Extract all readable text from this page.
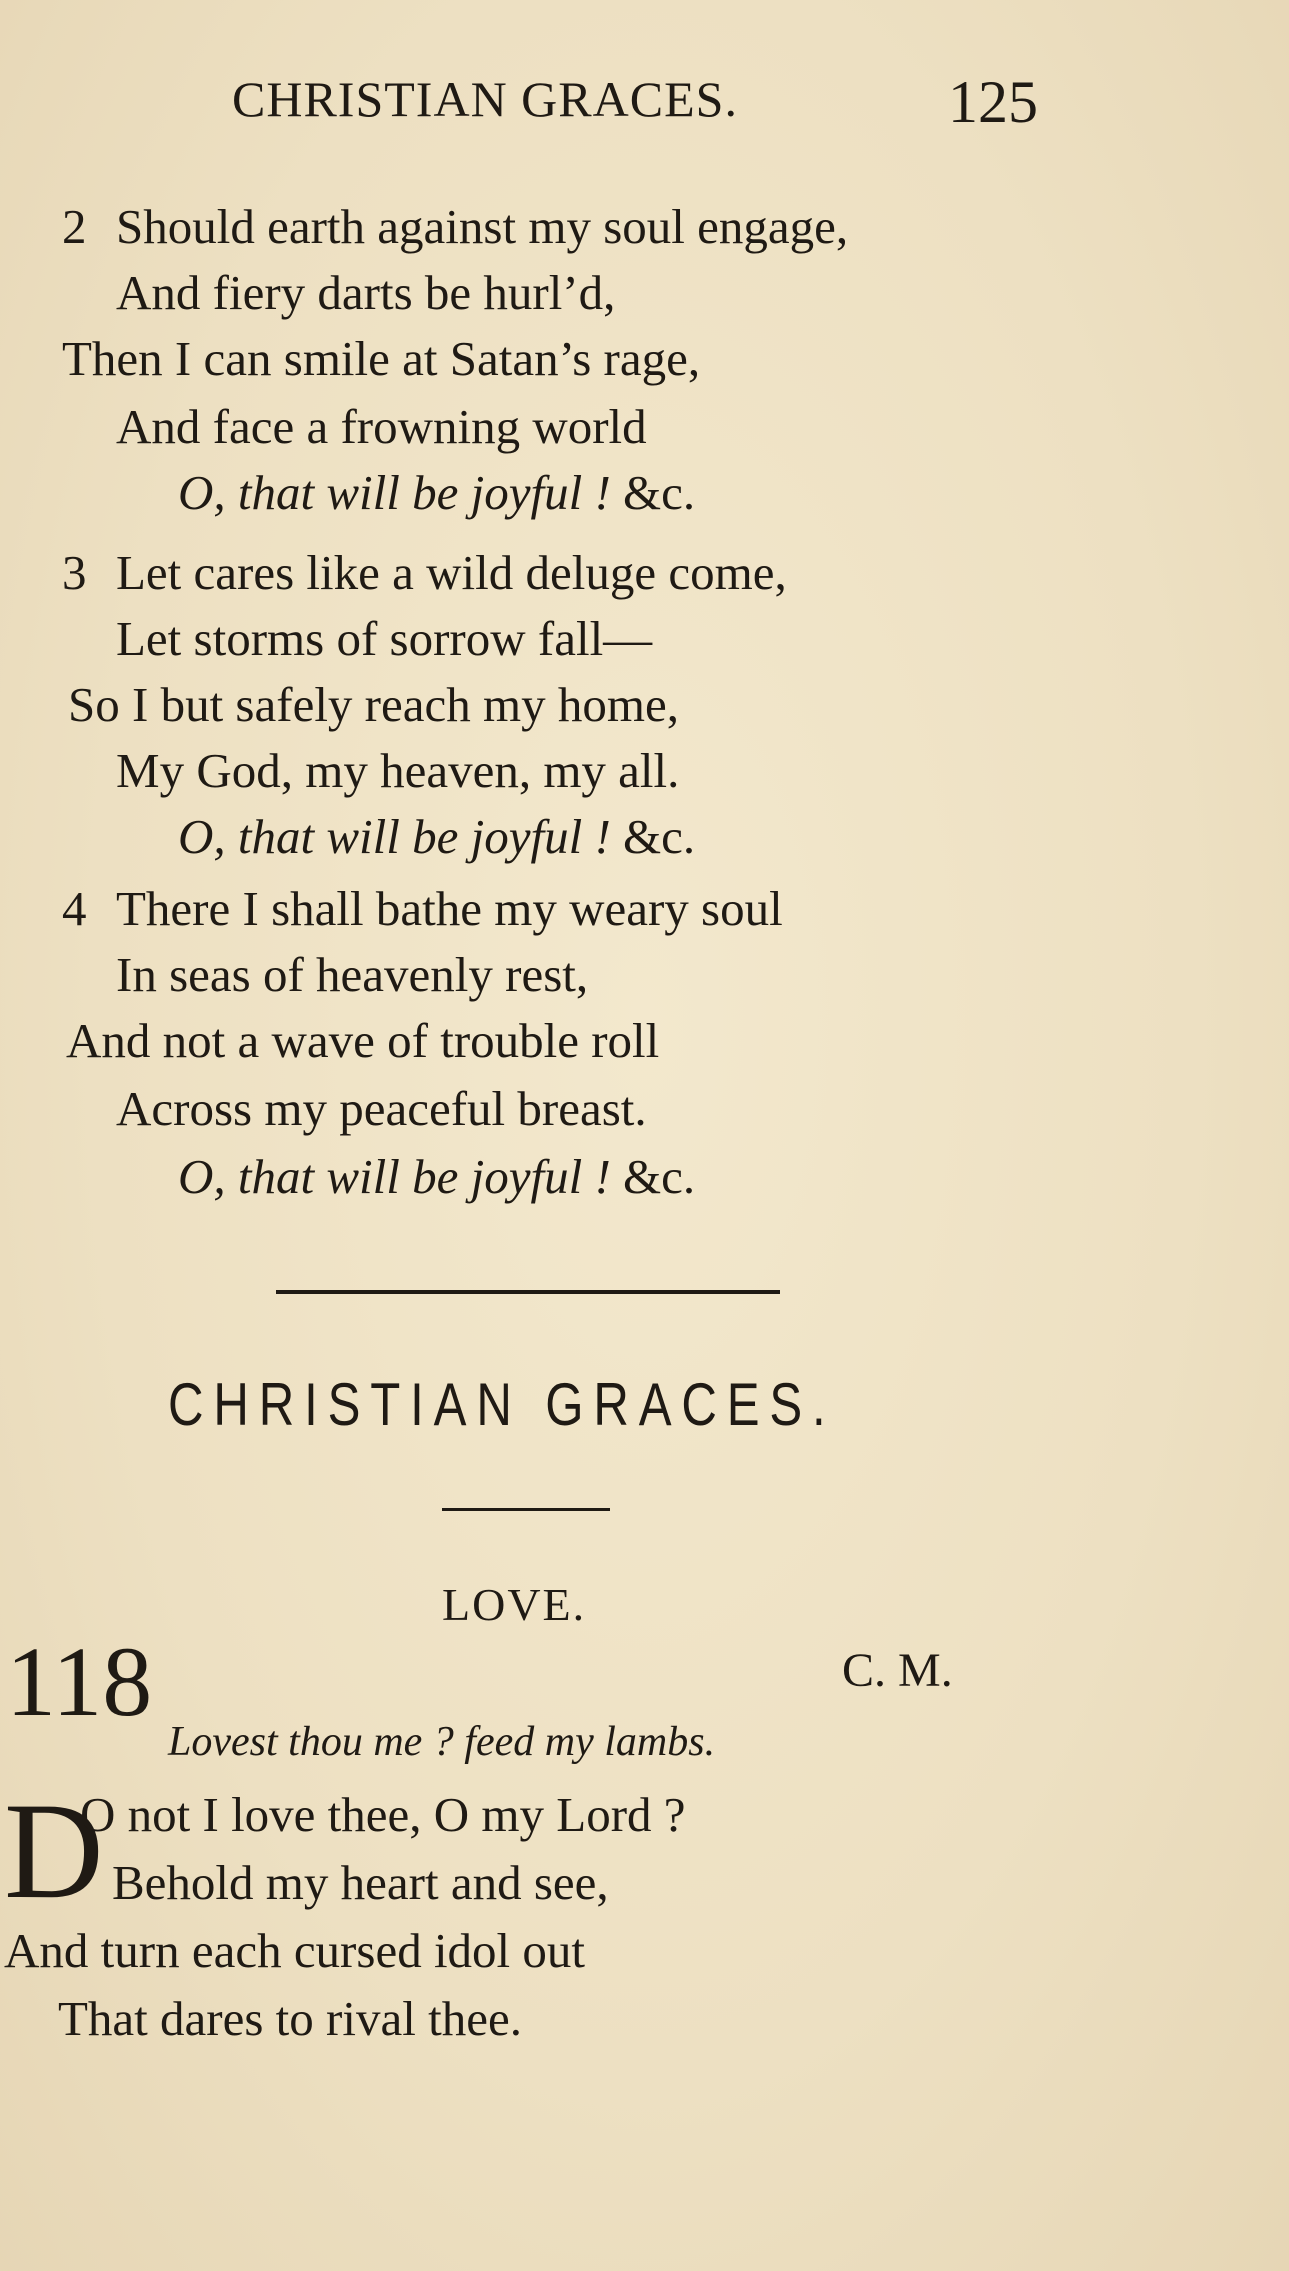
CHRISTIAN GRACES.	125
2 Should earth against my soul engage,
And fiery darts be hurl’d,
Then I can smile at Satan’s rage,
And face a frowning world
O, that will be joyful ! &c.
3 Let cares like a wild deluge come,
Let storms of sorrow fall—
So I but safely reach my home,
My God, my heaven, my all.
O, that will be joyful ! &c.
4 There I shall bathe my weary soul
In seas of heavenly rest,
And not a wave of trouble roll
Across my peaceful breast.
O, that will be joyful ! &c.
CHRISTIAN GRACES.
LOVE.
118	C. M.
Lovest thou me ? feed my lambs.
D
O not I love thee, O my Lord ?
Behold my heart and see,
And turn each cursed idol out
That dares to rival thee.
